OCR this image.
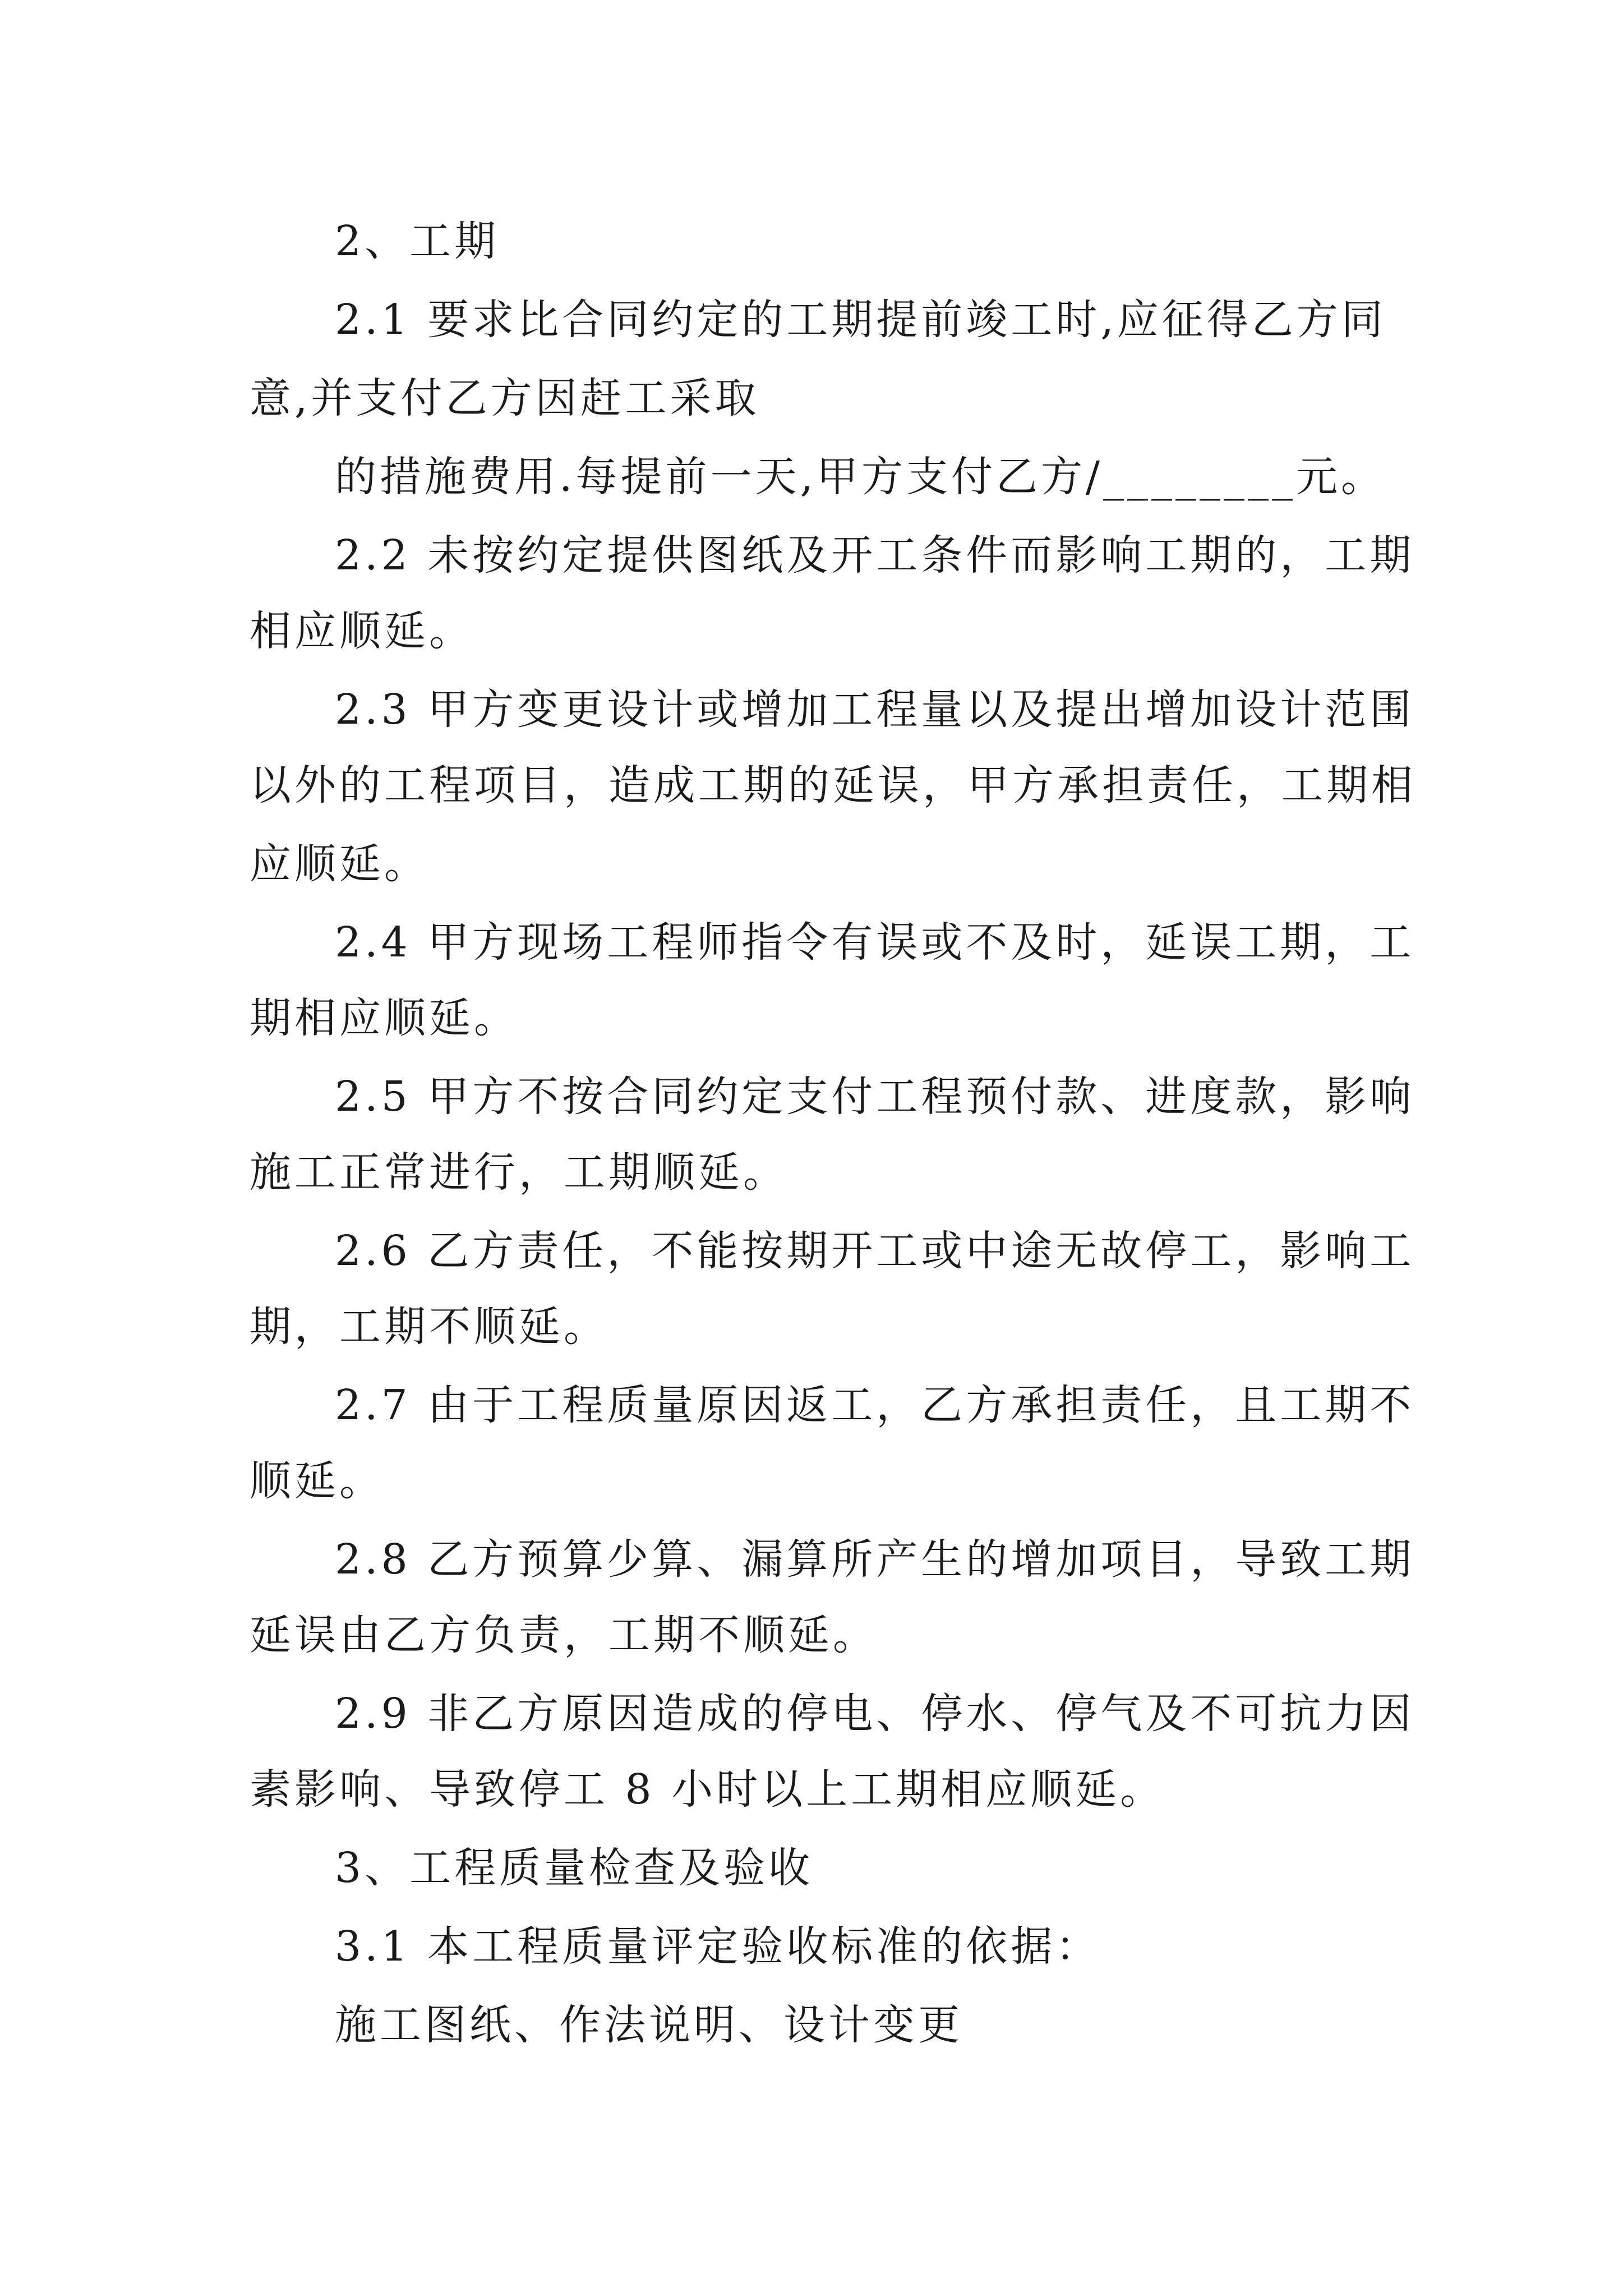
2、工期
2.1 要求比合同约定的工期提前竣工时,应征得乙方同
意,并支付乙方因赶工采取
的措施费用.每提前一天,甲方支付乙方/________元。
2.2 未按约定提供图纸及开工条件而影响工期的，工期
相应顺延。
2.3 甲方变更设计或增加工程量以及提出增加设计范围
以外的工程项目，造成工期的延误，甲方承担责任，工期相
应顺延。
2.4 甲方现场工程师指令有误或不及时，延误工期，工
期相应顺延。
2.5 甲方不按合同约定支付工程预付款、进度款，影响
施工正常进行，工期顺延。
2.6 乙方责任，不能按期开工或中途无故停工，影响工
期，工期不顺延。
2.7 由于工程质量原因返工，乙方承担责任，且工期不
顺延。
2.8 乙方预算少算、漏算所产生的增加项目，导致工期
延误由乙方负责，工期不顺延。
2.9 非乙方原因造成的停电、停水、停气及不可抗力因
素影响、导致停工 8 小时以上工期相应顺延。
3、工程质量检查及验收
3.1 本工程质量评定验收标准的依据：
施工图纸、作法说明、设计变更
